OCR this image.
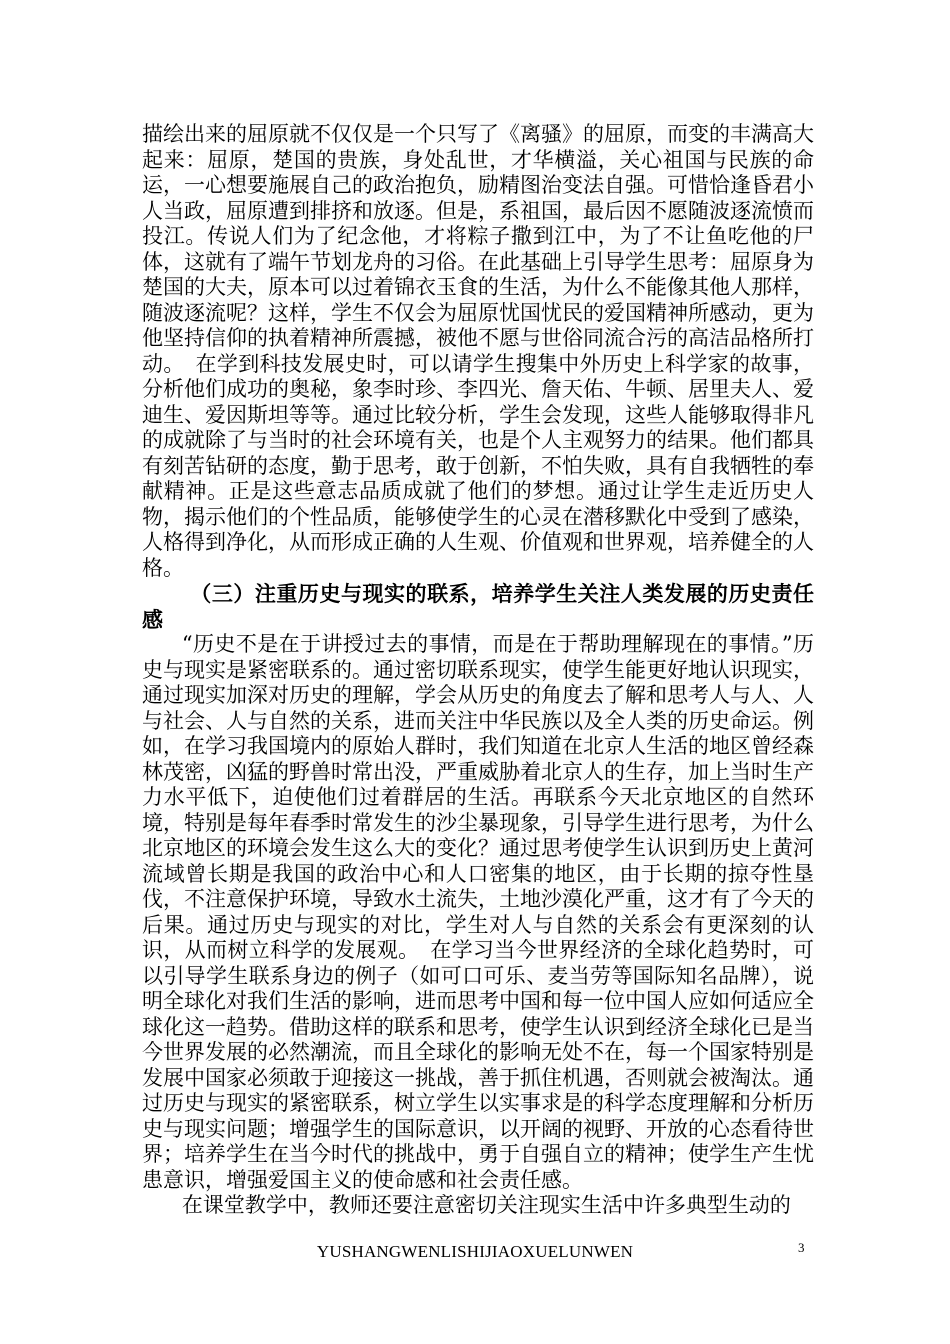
描绘出来的屈原就不仅仅是一个只写了《离骚》的屈原，而变的丰满高大起来：屈原，楚国的贵族，身处乱世，才华横溢，关心祖国与民族的命运，一心想要施展自己的政治抱负，励精图治变法自强。可惜恰逢昏君小人当政，屈原遭到排挤和放逐。但是，系祖国，最后因不愿随波逐流愤而投江。传说人们为了纪念他，才将粽子撒到江中，为了不让鱼吃他的尸体，这就有了端午节划龙舟的习俗。在此基础上引导学生思考：屈原身为楚国的大夫，原本可以过着锦衣玉食的生活，为什么不能像其他人那样，随波逐流呢？这样，学生不仅会为屈原忧国忧民的爱国精神所感动，更为他坚持信仰的执着精神所震撼，被他不愿与世俗同流合污的高洁品格所打动。　在学到科技发展史时，可以请学生搜集中外历史上科学家的故事，分析他们成功的奥秘，象李时珍、李四光、詹天佑、牛顿、居里夫人、爱迪生、爱因斯坦等等。通过比较分析，学生会发现，这些人能够取得非凡的成就除了与当时的社会环境有关，也是个人主观努力的结果。他们都具有刻苦钻研的态度，勤于思考，敢于创新，不怕失败，具有自我牺牲的奉献精神。正是这些意志品质成就了他们的梦想。通过让学生走近历史人物，揭示他们的个性品质，能够使学生的心灵在潜移默化中受到了感染，人格得到净化，从而形成正确的人生观、价值观和世界观，培养健全的人格。

（三）注重历史与现实的联系，培养学生关注人类发展的历史责任感

“历史不是在于讲授过去的事情，而是在于帮助理解现在的事情。”历史与现实是紧密联系的。通过密切联系现实，使学生能更好地认识现实，通过现实加深对历史的理解，学会从历史的角度去了解和思考人与人、人与社会、人与自然的关系，进而关注中华民族以及全人类的历史命运。例如，在学习我国境内的原始人群时，我们知道在北京人生活的地区曾经森林茂密，凶猛的野兽时常出没，严重威胁着北京人的生存，加上当时生产力水平低下，迫使他们过着群居的生活。再联系今天北京地区的自然环境，特别是每年春季时常发生的沙尘暴现象，引导学生进行思考，为什么北京地区的环境会发生这么大的变化？通过思考使学生认识到历史上黄河流域曾长期是我国的政治中心和人口密集的地区，由于长期的掠夺性垦伐，不注意保护环境，导致水土流失，土地沙漠化严重，这才有了今天的后果。通过历史与现实的对比，学生对人与自然的关系会有更深刻的认识，从而树立科学的发展观。　在学习当今世界经济的全球化趋势时，可以引导学生联系身边的例子（如可口可乐、麦当劳等国际知名品牌），说明全球化对我们生活的影响，进而思考中国和每一位中国人应如何适应全球化这一趋势。借助这样的联系和思考，使学生认识到经济全球化已是当今世界发展的必然潮流，而且全球化的影响无处不在，每一个国家特别是发展中国家必须敢于迎接这一挑战，善于抓住机遇，否则就会被淘汰。通过历史与现实的紧密联系，树立学生以实事求是的科学态度理解和分析历史与现实问题；增强学生的国际意识，以开阔的视野、开放的心态看待世界；培养学生在当今时代的挑战中，勇于自强自立的精神；使学生产生忧患意识，增强爱国主义的使命感和社会责任感。

在课堂教学中，教师还要注意密切关注现实生活中许多典型生动的

YUSHANGWENLISHIJIAOXUELUNWEN	3
